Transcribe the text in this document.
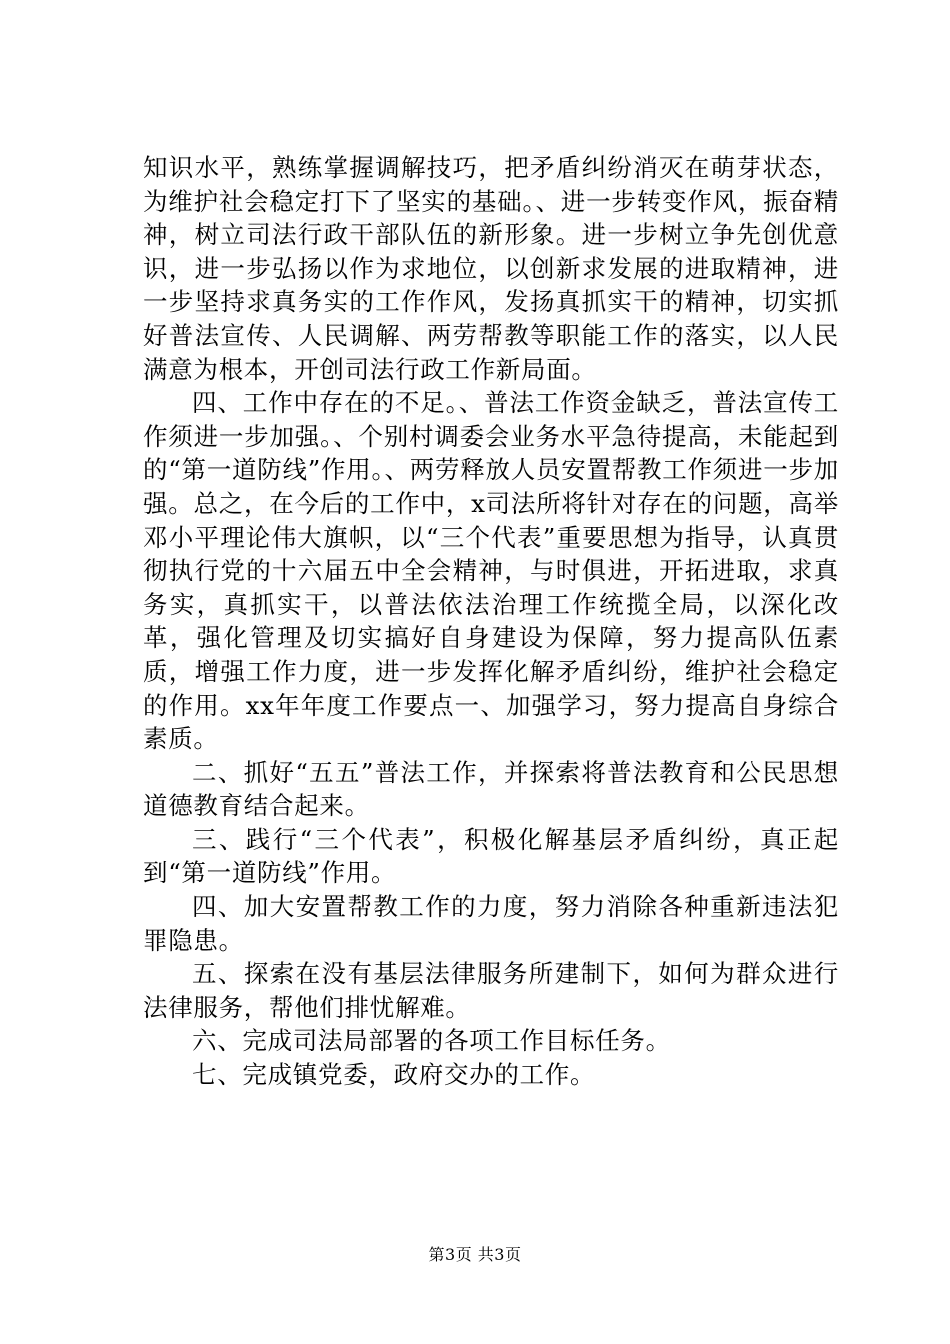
知识水平，熟练掌握调解技巧，把矛盾纠纷消灭在萌芽状态，为维护社会稳定打下了坚实的基础。、进一步转变作风，振奋精神，树立司法行政干部队伍的新形象。进一步树立争先创优意识，进一步弘扬以作为求地位，以创新求发展的进取精神，进一步坚持求真务实的工作作风，发扬真抓实干的精神，切实抓好普法宣传、人民调解、两劳帮教等职能工作的落实，以人民满意为根本，开创司法行政工作新局面。

四、工作中存在的不足。、普法工作资金缺乏，普法宣传工作须进一步加强。、个别村调委会业务水平急待提高，未能起到的“第一道防线”作用。、两劳释放人员安置帮教工作须进一步加强。总之，在今后的工作中，x司法所将针对存在的问题，高举邓小平理论伟大旗帜，以“三个代表”重要思想为指导，认真贯彻执行党的十六届五中全会精神，与时俱进，开拓进取，求真务实，真抓实干，以普法依法治理工作统揽全局，以深化改革，强化管理及切实搞好自身建设为保障，努力提高队伍素质，增强工作力度，进一步发挥化解矛盾纠纷，维护社会稳定的作用。xx年年度工作要点一、加强学习，努力提高自身综合素质。

二、抓好“五五”普法工作，并探索将普法教育和公民思想道德教育结合起来。

三、践行“三个代表”，积极化解基层矛盾纠纷，真正起到“第一道防线”作用。

四、加大安置帮教工作的力度，努力消除各种重新违法犯罪隐患。

五、探索在没有基层法律服务所建制下，如何为群众进行法律服务，帮他们排忧解难。

六、完成司法局部署的各项工作目标任务。

七、完成镇党委，政府交办的工作。

第3页 共3页
